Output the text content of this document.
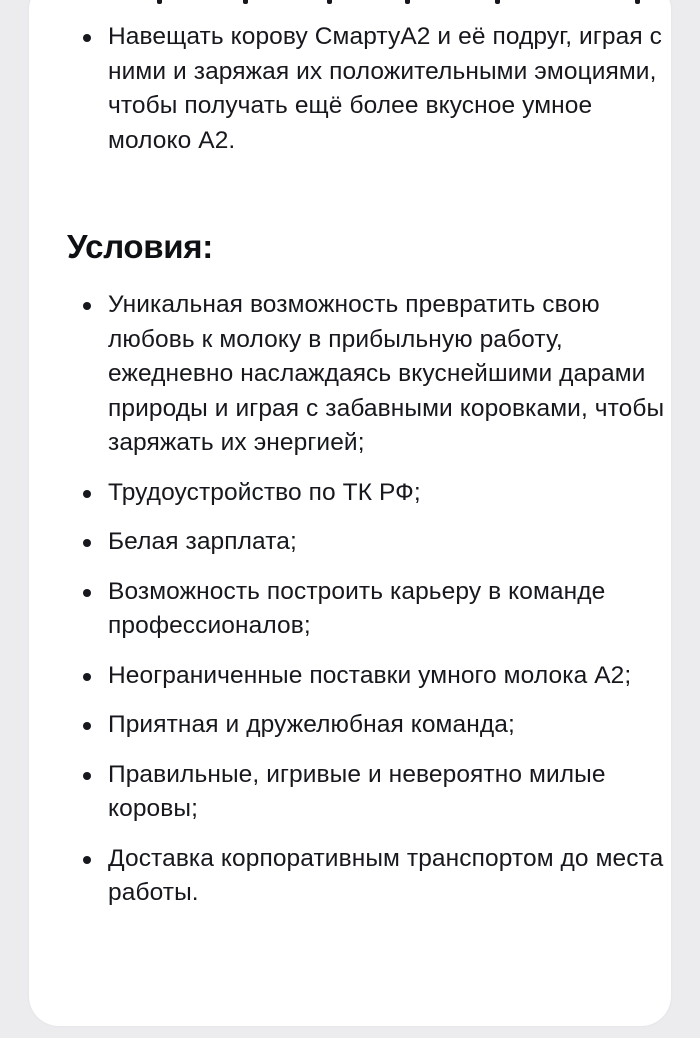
Навещать корову СмартуА2 и её подруг, играя с ними и заряжая их положительными эмоциями, чтобы получать ещё более вкусное умное молоко А2.
Условия:
Уникальная возможность превратить свою любовь к молоку в прибыльную работу, ежедневно наслаждаясь вкуснейшими дарами природы и играя с забавными коровками, чтобы заряжать их энергией;
Трудоустройство по ТК РФ;
Белая зарплата;
Возможность построить карьеру в команде профессионалов;
Неограниченные поставки умного молока А2;
Приятная и дружелюбная команда;
Правильные, игривые и невероятно милые коровы;
Доставка корпоративным транспортом до места работы.
